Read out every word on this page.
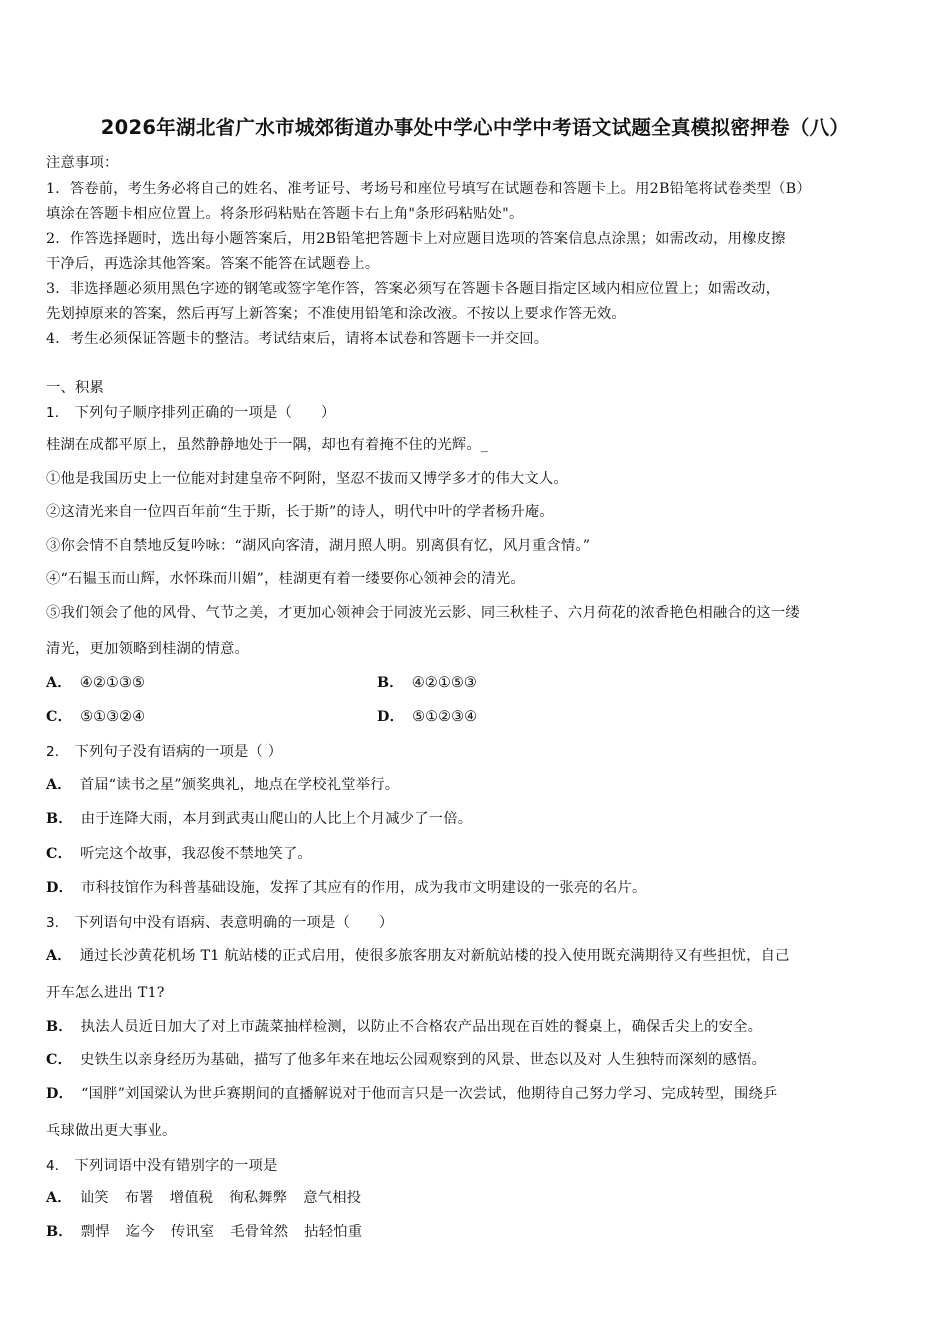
2026年湖北省广水市城郊街道办事处中学心中学中考语文试题全真模拟密押卷（八）
注意事项：
1．答卷前，考生务必将自己的姓名、准考证号、考场号和座位号填写在试题卷和答题卡上。用2B铅笔将试卷类型（B）
填涂在答题卡相应位置上。将条形码粘贴在答题卡右上角"条形码粘贴处"。
2．作答选择题时，选出每小题答案后，用2B铅笔把答题卡上对应题目选项的答案信息点涂黑；如需改动，用橡皮擦
干净后，再选涂其他答案。答案不能答在试题卷上。
3．非选择题必须用黑色字迹的钢笔或签字笔作答，答案必须写在答题卡各题目指定区域内相应位置上；如需改动，
先划掉原来的答案，然后再写上新答案；不准使用铅笔和涂改液。不按以上要求作答无效。
4．考生必须保证答题卡的整洁。考试结束后，请将本试卷和答题卡一并交回。
一、积累
1． 下列句子顺序排列正确的一项是（　　）
桂湖在成都平原上，虽然静静地处于一隅，却也有着掩不住的光辉。_
①他是我国历史上一位能对封建皇帝不阿附，坚忍不拔而又博学多才的伟大文人。
②这清光来自一位四百年前“生于斯，长于斯”的诗人，明代中叶的学者杨升庵。
③你会情不自禁地反复吟咏：“湖风向客清，湖月照人明。别离俱有忆，风月重含情。”
④“石韫玉而山辉，水怀珠而川媚”，桂湖更有着一缕要你心领神会的清光。
⑤我们领会了他的风骨、气节之美，才更加心领神会于同波光云影、同三秋桂子、六月荷花的浓香艳色相融合的这一缕
清光，更加领略到桂湖的情意。
A． ④②①③⑤	B． ④②①⑤③
C． ⑤①③②④	D． ⑤①②③④
2． 下列句子没有语病的一项是（ ）
A． 首届“读书之星”颁奖典礼，地点在学校礼堂举行。
B． 由于连降大雨，本月到武夷山爬山的人比上个月减少了一倍。
C． 听完这个故事，我忍俊不禁地笑了。
D． 市科技馆作为科普基础设施，发挥了其应有的作用，成为我市文明建设的一张亮的名片。
3． 下列语句中没有语病、表意明确的一项是（　　）
A． 通过长沙黄花机场 T1 航站楼的正式启用，使很多旅客朋友对新航站楼的投入使用既充满期待又有些担忧，自己
开车怎么进出 T1?
B． 执法人员近日加大了对上市蔬菜抽样检测，以防止不合格农产品出现在百姓的餐桌上，确保舌尖上的安全。
C． 史铁生以亲身经历为基础，描写了他多年来在地坛公园观察到的风景、世态以及对 人生独特而深刻的感悟。
D． “国胖”刘国梁认为世乒赛期间的直播解说对于他而言只是一次尝试，他期待自己努力学习、完成转型，围绕乒
乓球做出更大事业。
4． 下列词语中没有错别字的一项是
A． 讪笑 布署 增值税 徇私舞弊 意气相投
B． 剽悍 迄今 传讯室 毛骨耸然 拈轻怕重
